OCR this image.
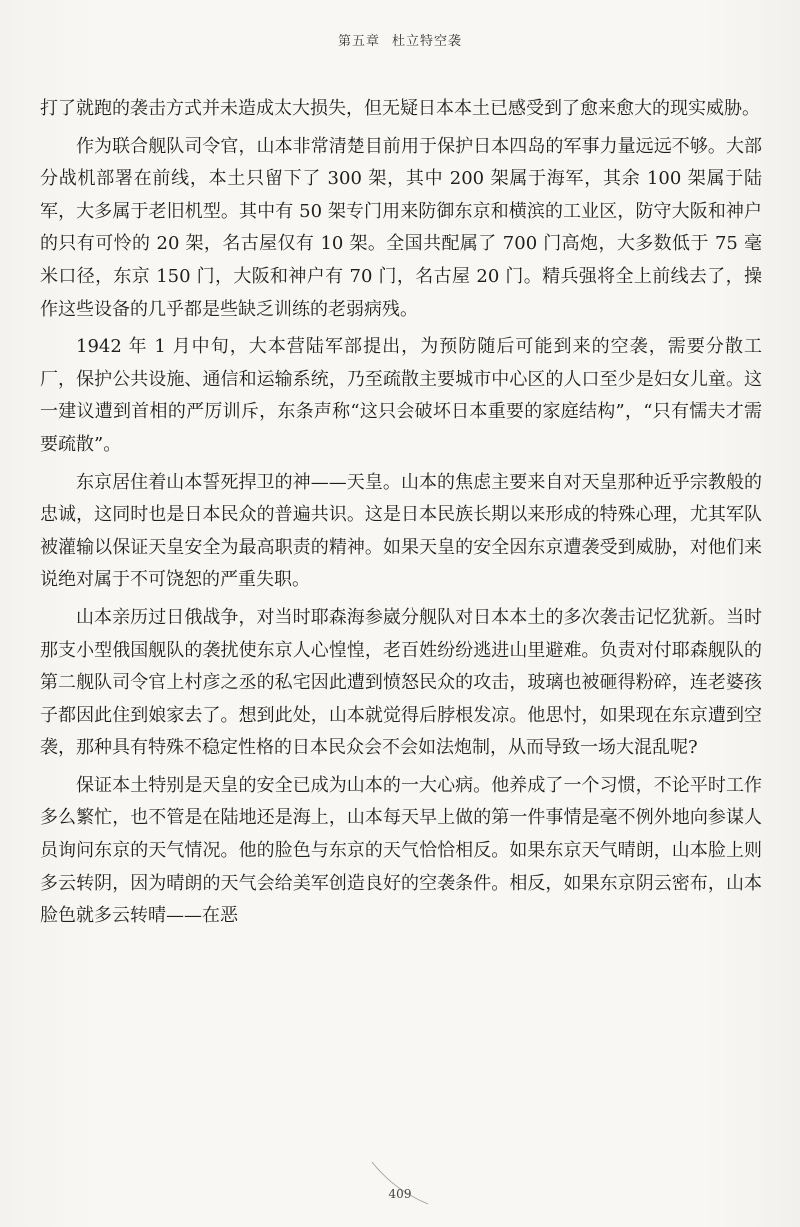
第五章 杜立特空袭

打了就跑的袭击方式并未造成太大损失，但无疑日本本土已感受到了愈来愈大的现实威胁。

作为联合舰队司令官，山本非常清楚目前用于保护日本四岛的军事力量远远不够。大部分战机部署在前线，本土只留下了 300 架，其中 200 架属于海军，其余 100 架属于陆军，大多属于老旧机型。其中有 50 架专门用来防御东京和横滨的工业区，防守大阪和神户的只有可怜的 20 架，名古屋仅有 10 架。全国共配属了 700 门高炮，大多数低于 75 毫米口径，东京 150 门，大阪和神户有 70 门，名古屋 20 门。精兵强将全上前线去了，操作这些设备的几乎都是些缺乏训练的老弱病残。

1942 年 1 月中旬，大本营陆军部提出，为预防随后可能到来的空袭，需要分散工厂，保护公共设施、通信和运输系统，乃至疏散主要城市中心区的人口至少是妇女儿童。这一建议遭到首相的严厉训斥，东条声称“这只会破坏日本重要的家庭结构”，“只有懦夫才需要疏散”。

东京居住着山本誓死捍卫的神——天皇。山本的焦虑主要来自对天皇那种近乎宗教般的忠诚，这同时也是日本民众的普遍共识。这是日本民族长期以来形成的特殊心理，尤其军队被灌输以保证天皇安全为最高职责的精神。如果天皇的安全因东京遭袭受到威胁，对他们来说绝对属于不可饶恕的严重失职。

山本亲历过日俄战争，对当时耶森海参崴分舰队对日本本土的多次袭击记忆犹新。当时那支小型俄国舰队的袭扰使东京人心惶惶，老百姓纷纷逃进山里避难。负责对付耶森舰队的第二舰队司令官上村彦之丞的私宅因此遭到愤怒民众的攻击，玻璃也被砸得粉碎，连老婆孩子都因此住到娘家去了。想到此处，山本就觉得后脖根发凉。他思忖，如果现在东京遭到空袭，那种具有特殊不稳定性格的日本民众会不会如法炮制，从而导致一场大混乱呢?

保证本土特别是天皇的安全已成为山本的一大心病。他养成了一个习惯，不论平时工作多么繁忙，也不管是在陆地还是海上，山本每天早上做的第一件事情是毫不例外地向参谋人员询问东京的天气情况。他的脸色与东京的天气恰恰相反。如果东京天气晴朗，山本脸上则多云转阴，因为晴朗的天气会给美军创造良好的空袭条件。相反，如果东京阴云密布，山本脸色就多云转晴——在恶

409
